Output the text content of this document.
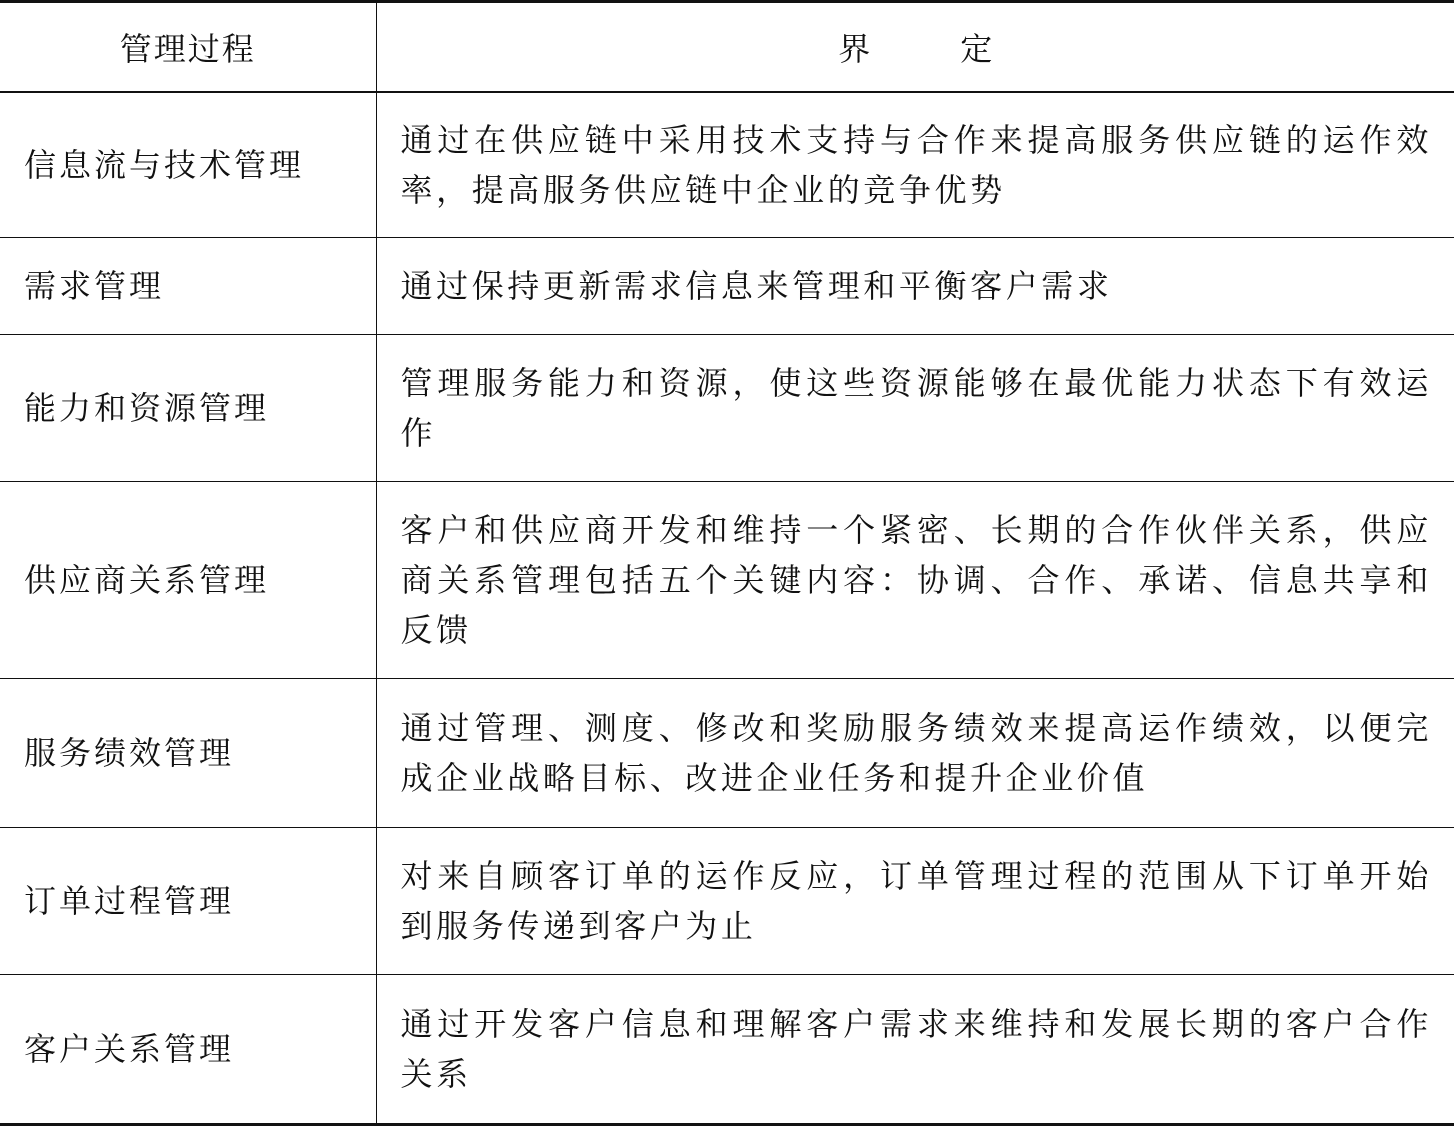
管理过程	界 定
信息流与技术管理	通过在供应链中采用技术支持与合作来提高服务供应链的运作效率，提高服务供应链中企业的竞争优势
需求管理	通过保持更新需求信息来管理和平衡客户需求
能力和资源管理	管理服务能力和资源，使这些资源能够在最优能力状态下有效运作
供应商关系管理	客户和供应商开发和维持一个紧密、长期的合作伙伴关系，供应商关系管理包括五个关键内容：协调、合作、承诺、信息共享和反馈
服务绩效管理	通过管理、测度、修改和奖励服务绩效来提高运作绩效，以便完成企业战略目标、改进企业任务和提升企业价值
订单过程管理	对来自顾客订单的运作反应，订单管理过程的范围从下订单开始到服务传递到客户为止
客户关系管理	通过开发客户信息和理解客户需求来维持和发展长期的客户合作关系
